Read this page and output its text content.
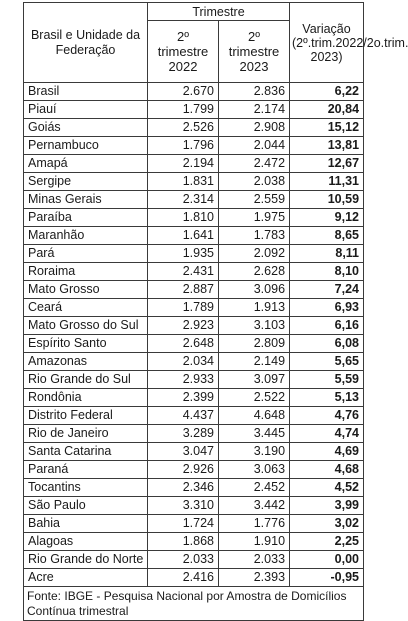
Brasil e Unidade da Federação	Trimestre		Variação (2º.trim.2022/2o.trim. 2023)
	2º trimestre 2022	2º trimestre 2023	
Brasil	2.670	2.836	6,22
Piauí	1.799	2.174	20,84
Goiás	2.526	2.908	15,12
Pernambuco	1.796	2.044	13,81
Amapá	2.194	2.472	12,67
Sergipe	1.831	2.038	11,31
Minas Gerais	2.314	2.559	10,59
Paraíba	1.810	1.975	9,12
Maranhão	1.641	1.783	8,65
Pará	1.935	2.092	8,11
Roraima	2.431	2.628	8,10
Mato Grosso	2.887	3.096	7,24
Ceará	1.789	1.913	6,93
Mato Grosso do Sul	2.923	3.103	6,16
Espírito Santo	2.648	2.809	6,08
Amazonas	2.034	2.149	5,65
Rio Grande do Sul	2.933	3.097	5,59
Rondônia	2.399	2.522	5,13
Distrito Federal	4.437	4.648	4,76
Rio de Janeiro	3.289	3.445	4,74
Santa Catarina	3.047	3.190	4,69
Paraná	2.926	3.063	4,68
Tocantins	2.346	2.452	4,52
São Paulo	3.310	3.442	3,99
Bahia	1.724	1.776	3,02
Alagoas	1.868	1.910	2,25
Rio Grande do Norte	2.033	2.033	0,00
Acre	2.416	2.393	-0,95
Fonte: IBGE - Pesquisa Nacional por Amostra de Domicílios Contínua trimestral			
